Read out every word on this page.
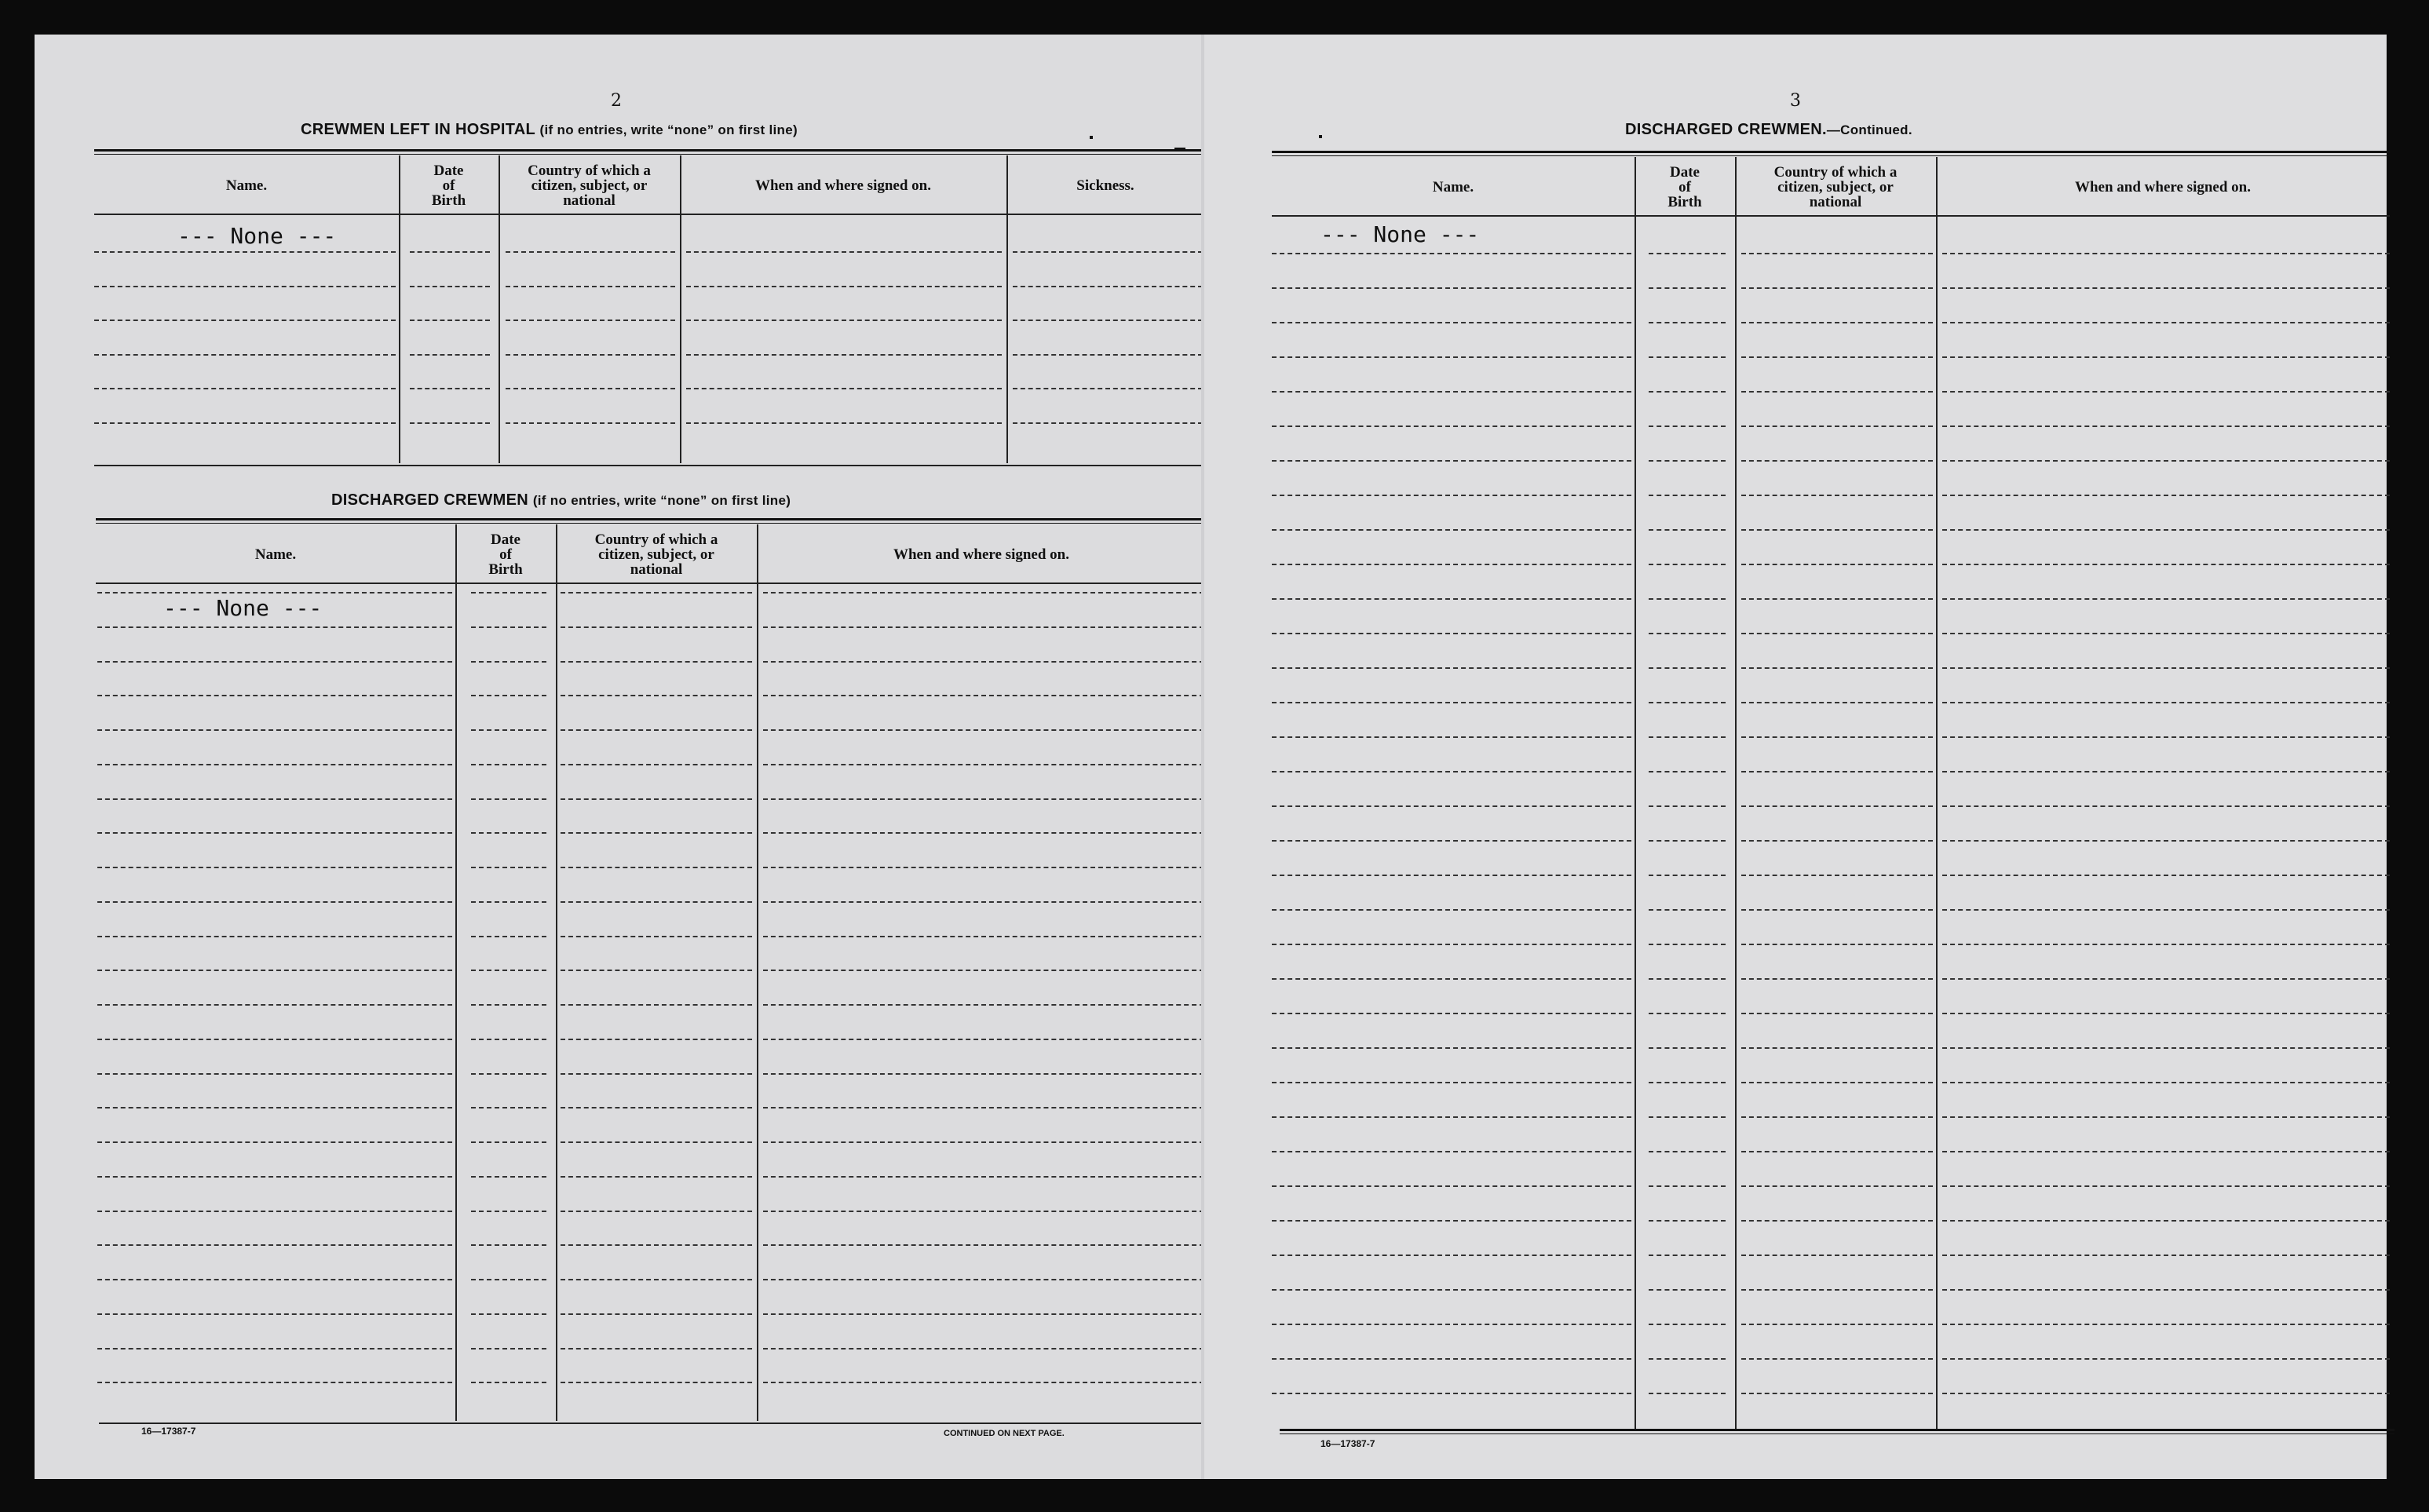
2
CREWMEN LEFT IN HOSPITAL (if no entries, write “none” on first line)
Name.
Date
of
Birth
Country of which a
citizen, subject, or
national
When and where signed on.	Sickness.
--- None ---
DISCHARGED CREWMEN (if no entries, write “none” on first line)
Name.
Date
of
Birth
Country of which a
citizen, subject, or
national
When and where signed on.
--- None ---
16—17387-7	CONTINUED ON NEXT PAGE.
3
DISCHARGED CREWMEN.—Continued.
Name.
Date
of
Birth
Country of which a
citizen, subject, or
national
When and where signed on.
--- None ---
16—17387-7
